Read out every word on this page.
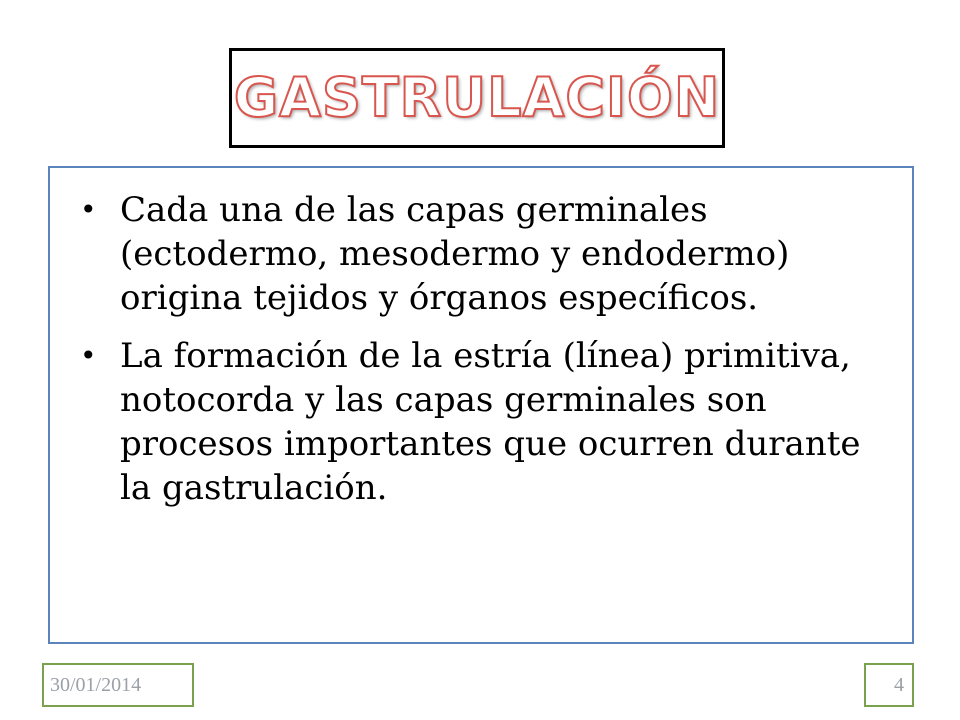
GASTRULACIÓN
• Cada una de las capas germinales (ectodermo, mesodermo y endodermo) origina tejidos y órganos específicos.
• La formación de la estría (línea) primitiva, notocorda y las capas germinales son procesos importantes que ocurren durante la gastrulación.
30/01/2014	4
